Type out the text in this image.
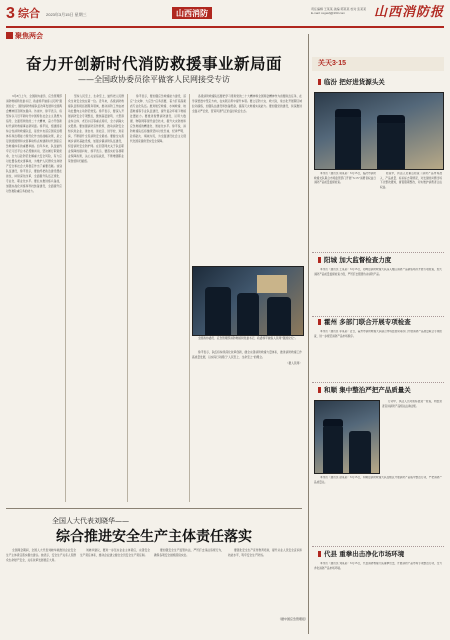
3 综合 2023年3月15日 星期三	山西消防	责任编辑 王某某 美编 郭某某 校对 张某某
E-mail: sxgaxfj@163.com	山西消防报
聚焦两会
奋力开创新时代消防救援事业新局面
——全国政协委员徐平做客人民网接受专访

3月8日上午，全国政协委员、应急管理部消防救援局党委书记、政委徐平做客人民网“强国论坛”，围绕消防救援队伍改革发展和全国两会精神回答网友提问。访谈中，徐平表示，将坚持以习近平新时代中国特色社会主义思想为指导，全面贯彻党的二十大精神，奋力开创新时代消防救援事业新局面。徐平说，组建国家综合性消防救援队伍，是党中央适应国家治理体系和治理能力现代化作出的战略决策，是立足我国国情和灾害事故特点构建新时代国家应急救援体系的重要举措。四年多来，队伍始终牢记习近平总书记授旗训词，坚决履行职责使命，全力以赴防范化解重大安全风险，有力应对处置各类灾害事故，为维护人民群众生命财产安全和社会大局稳定作出了重要贡献。谈到队伍建设，徐平表示，要始终把政治建设摆在首位，持续深化改革，全面提升队伍正规化、专业化、职业化水平。要扎实推进练兵备战，加强实战化训练和科技装备建设，全面提升应对急难险重任务的能力。

坚持人民至上、生命至上，始终把人民群众生命安全放在第一位。近年来，各级消防救援队伍积极拓展服务领域，推动消防工作由被动处置向主动防范转变。徐平表示，要深入开展消防安全专项整治，聚焦高层建筑、大型商业综合体、老旧小区等重点场所，全力消除火灾隐患。要加强消防宣传教育，推动消防安全知识进企业、进农村、进社区、进学校、进家庭，不断提升全民消防安全素质。要健全完善城乡消防基础设施，加强乡镇消防队伍建设，织密消防安全防护网。在回答网友关于队伍职业保障的提问时，徐平表示，要落实好各项职业保障政策，关心关爱指战员，不断增强职业荣誉感和归属感。

徐平表示，要加强应急救援能力建设，适应“全灾种、大应急”任务需要，着力打造高素质专业化队伍。推进航空救援、水域救援、地震救援等专业队伍建设，提升复杂环境下救援处置能力。要推进智慧消防建设，运用大数据、物联网等现代信息技术，提升火灾防控和应急救援的精准化、智能化水平。徐平说，消防救援队伍将继续坚持对党忠诚、纪律严明、赴汤蹈火、竭诚为民，为全面建设社会主义现代化国家提供坚实安全保障。

各级消防救援队伍要把学习贯彻党的二十大精神和全国两会精神作为首要政治任务，在学深悟透中坚定方向，在实践运用中提升本领。要立足防大灾、救大险，常态化开展跨区域拉动演练，加强队站建设和装备配备，提高灭火救援实战能力。要加强党的建设，纵深推进全面从严治党，营造风清气正的良好政治生态。

全国政协委员、应急管理部消防救援局党委书记、政委徐平做客人民网“强国论坛”。

徐平表示，队伍将持续深化改革创新，健全完善消防救援力量体系，推进消防救援工作高质量发展，以实际行动践行“人民至上、生命至上”的理念。

（据人民网）

全国人大代表刘晓华——
综合推进安全生产主体责任落实

全国两会期间，全国人大代表刘晓华就推进企业安全生产主体责任落实提出建议。她表示，安全生产关系人民群众生命财产安全，关系改革发展稳定大局。

刘晓华建议，要进一步压实企业主体责任，完善安全生产责任体系，推动企业建立健全全员安全生产责任制。

要加强安全生产监管执法，严厉打击违法违规行为，确保各项安全措施落到实处。

要强化安全生产宣传教育培训，提升从业人员安全意识和技能水平，筑牢安全生产防线。

（据中国应急管理报）
关天3·15
临汾 把好进货源头关

本刊讯（通讯员 郭某某）3月15日，临汾市消防救援支队联合市场监管部门开展“3·15”消费者权益日消防产品质量监督检查。

检查中，执法人员重点检查了消防产品市场准入、产品质量、标识标志等情况，对发现的问题当场下达整改通知，督促限期整改，切实维护消费者合法权益。

阳城 加大监督检查力度

本刊讯（通讯员 王某某）3月15日，阳城县消防救援大队深入辖区消防产品销售场所开展专项检查，加大消防产品质量监督检查力度，严厉打击假冒伪劣消防产品。

霍州 多部门联合开展专项检查

本刊讯（通讯员 李某某）近日，霍州市消防救援大队联合市场监管局等部门开展消防产品质量联合专项检查，进一步规范消防产品市场秩序。

和顺 集中整治严把产品质量关

行动中，执法人员对照标准逐一检查，向经营者宣讲消防产品相关法律法规。

本刊讯（通讯员 赵某某）3月15日，和顺县消防救援大队在辖区开展消防产品集中整治行动，严把消防产品质量关。

代县 重拳出击净化市场环境

本刊讯（通讯员 刘某某）3月15日，代县消防救援大队重拳出击，开展消防产品市场专项整治行动，全力净化消防产品市场环境。
